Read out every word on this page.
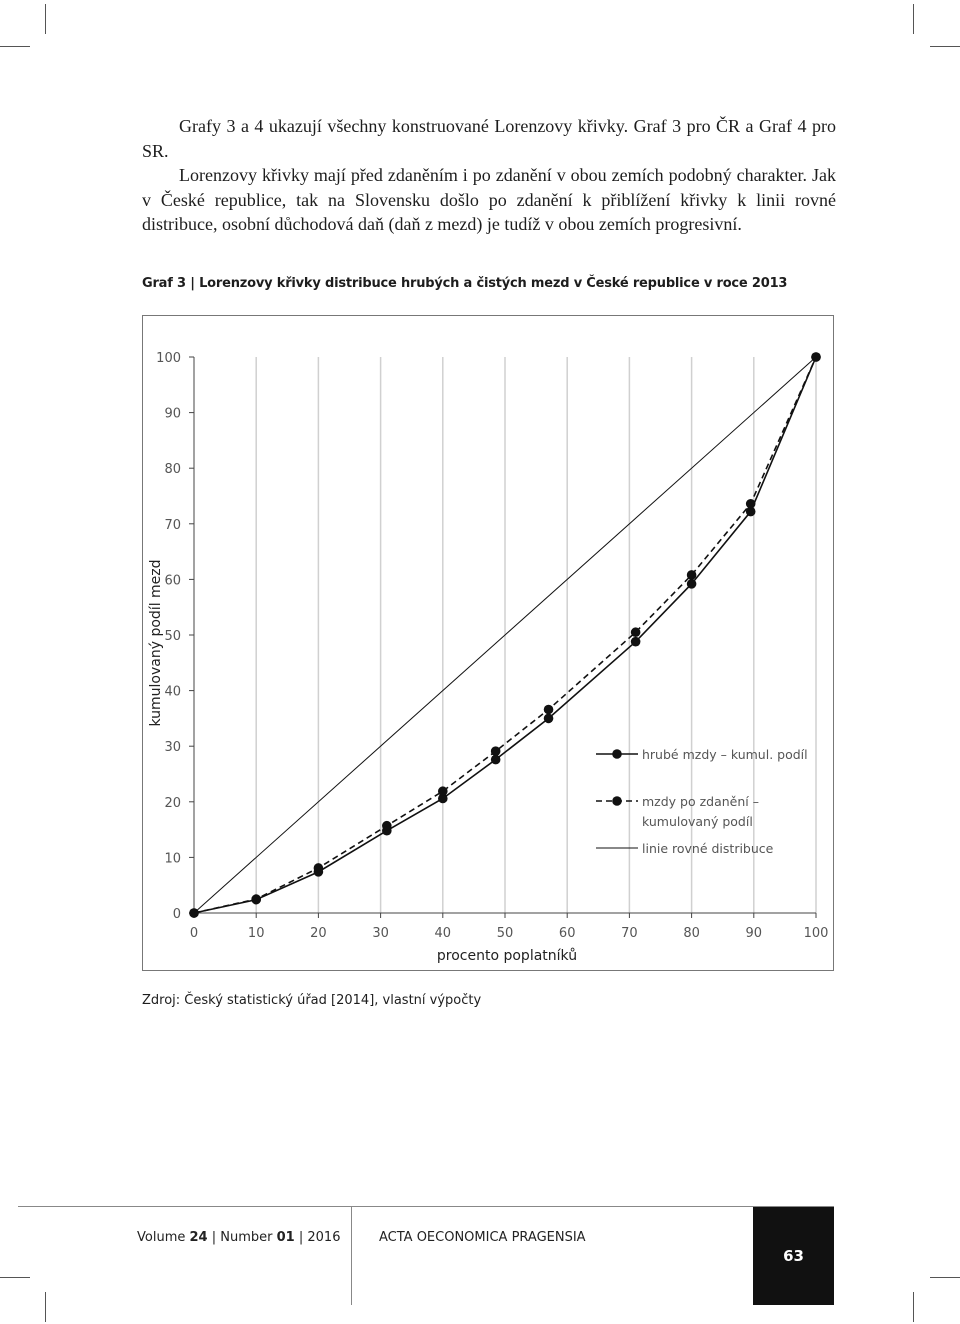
Grafy 3 a 4 ukazují všechny konstruované Lorenzovy křivky. Graf 3 pro ČR a Graf 4 pro SR.

Lorenzovy křivky mají před zdaněním i po zdanění v obou zemích podobný charakter. Jak v České republice, tak na Slovensku došlo po zdanění k přiblížení křivky k linii rovné distribuce, osobní důchodová daň (daň z mezd) je tudíž v obou zemích progresivní.

Graf 3 | Lorenzovy křivky distribuce hrubých a čistých mezd v České republice v roce 2013
0
10
20
30
40
50
60
70
80
90
100
0	10	20	30	40	50	60	70	80	90	100
procento poplatníků
kumulovaný podíl mezd
hrubé mzdy – kumul. podíl
mzdy po zdanění –
kumulovaný podíl
linie rovné distribuce
Zdroj: Český statistický úřad [2014], vlastní výpočty
Volume 24 | Number 01 | 2016	ACTA OECONOMICA PRAGENSIA
63
